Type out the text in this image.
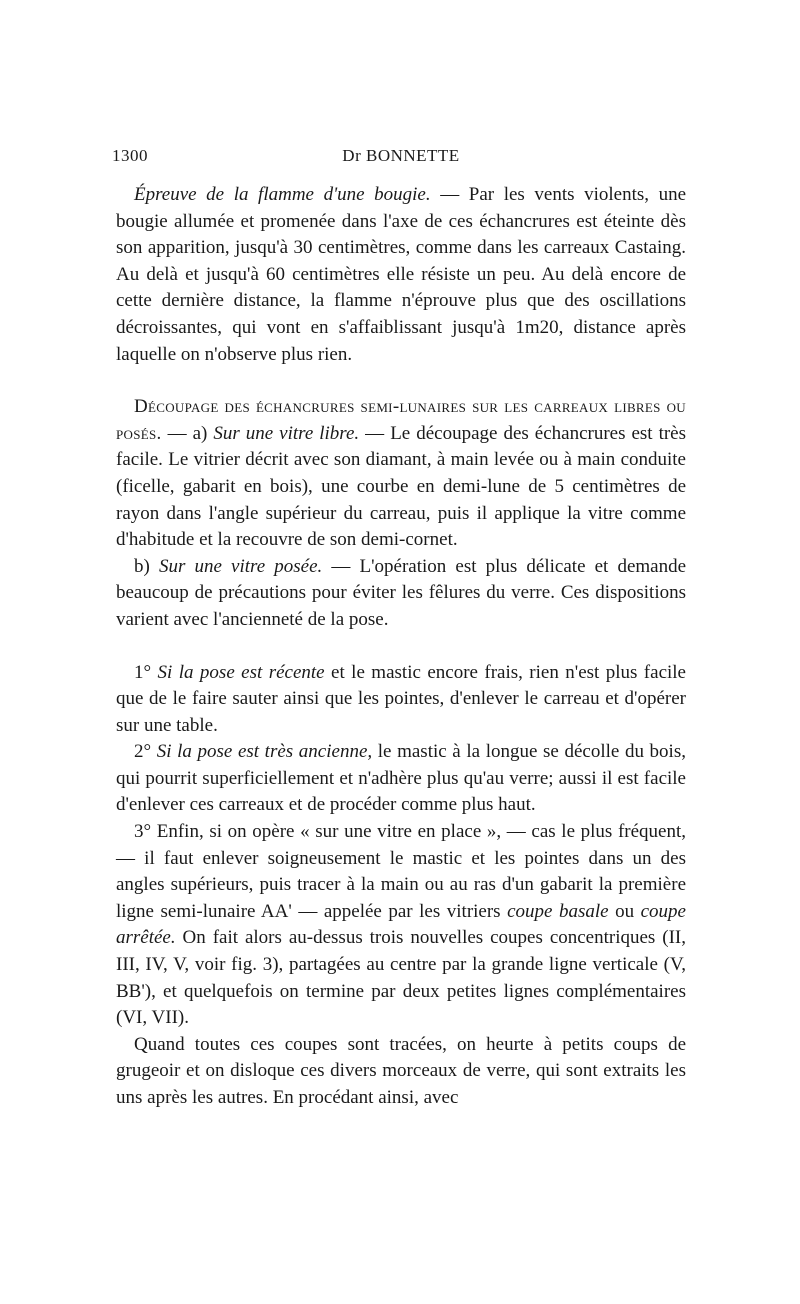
1300	Dr BONNETTE

Épreuve de la flamme d'une bougie. — Par les vents violents, une bougie allumée et promenée dans l'axe de ces échancrures est éteinte dès son apparition, jusqu'à 30 centimètres, comme dans les carreaux Castaing. Au delà et jusqu'à 60 centimètres elle résiste un peu. Au delà encore de cette dernière distance, la flamme n'éprouve plus que des oscillations décroissantes, qui vont en s'affaiblissant jusqu'à 1m20, distance après laquelle on n'observe plus rien.

Découpage des échancrures semi-lunaires sur les carreaux libres ou posés. — a) Sur une vitre libre. — Le découpage des échancrures est très facile. Le vitrier décrit avec son diamant, à main levée ou à main conduite (ficelle, gabarit en bois), une courbe en demi-lune de 5 centimètres de rayon dans l'angle supérieur du carreau, puis il applique la vitre comme d'habitude et la recouvre de son demi-cornet.

b) Sur une vitre posée. — L'opération est plus délicate et demande beaucoup de précautions pour éviter les fêlures du verre. Ces dispositions varient avec l'ancienneté de la pose.

1° Si la pose est récente et le mastic encore frais, rien n'est plus facile que de le faire sauter ainsi que les pointes, d'enlever le carreau et d'opérer sur une table.

2° Si la pose est très ancienne, le mastic à la longue se décolle du bois, qui pourrit superficiellement et n'adhère plus qu'au verre; aussi il est facile d'enlever ces carreaux et de procéder comme plus haut.

3° Enfin, si on opère « sur une vitre en place », — cas le plus fréquent, — il faut enlever soigneusement le mastic et les pointes dans un des angles supérieurs, puis tracer à la main ou au ras d'un gabarit la première ligne semi-lunaire AA' — appelée par les vitriers coupe basale ou coupe arrêtée. On fait alors au-dessus trois nouvelles coupes concentriques (II, III, IV, V, voir fig. 3), partagées au centre par la grande ligne verticale (V, BB'), et quelquefois on termine par deux petites lignes complémentaires (VI, VII).

Quand toutes ces coupes sont tracées, on heurte à petits coups de grugeoir et on disloque ces divers morceaux de verre, qui sont extraits les uns après les autres. En procédant ainsi, avec
